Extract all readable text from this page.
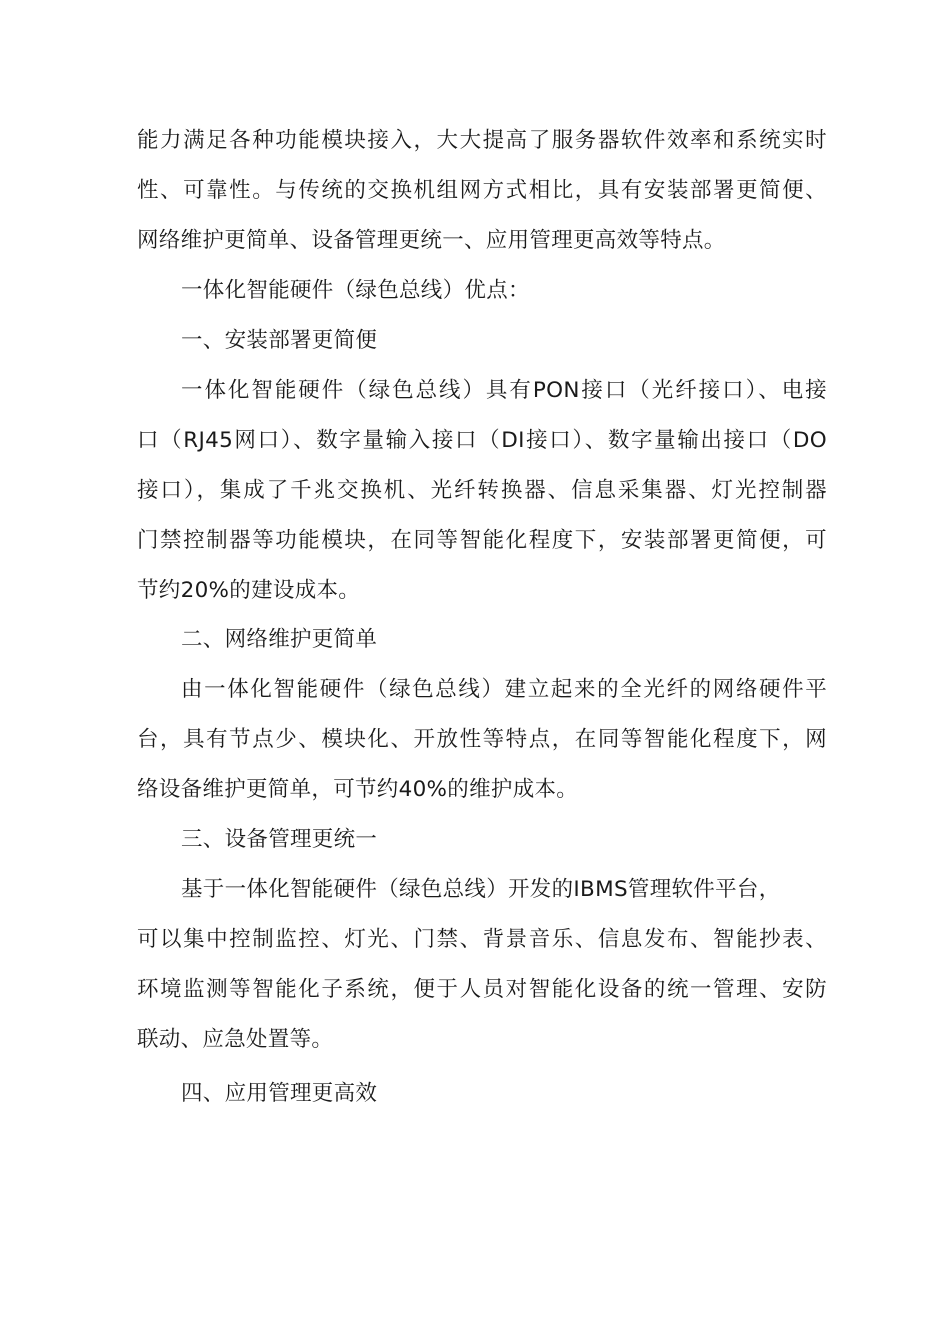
能力满足各种功能模块接入，大大提高了服务器软件效率和系统实时
性、可靠性。与传统的交换机组网方式相比，具有安装部署更简便、
网络维护更简单、设备管理更统一、应用管理更高效等特点。
一体化智能硬件（绿色总线）优点：
一、安装部署更简便
一体化智能硬件（绿色总线）具有PON接口（光纤接口）、电接
口（RJ45网口）、数字量输入接口（DI接口）、数字量输出接口（DO
接口），集成了千兆交换机、光纤转换器、信息采集器、灯光控制器
门禁控制器等功能模块，在同等智能化程度下，安装部署更简便，可
节约20%的建设成本。
二、网络维护更简单
由一体化智能硬件（绿色总线）建立起来的全光纤的网络硬件平
台，具有节点少、模块化、开放性等特点，在同等智能化程度下，网
络设备维护更简单，可节约40%的维护成本。
三、设备管理更统一
基于一体化智能硬件（绿色总线）开发的IBMS管理软件平台，
可以集中控制监控、灯光、门禁、背景音乐、信息发布、智能抄表、
环境监测等智能化子系统，便于人员对智能化设备的统一管理、安防
联动、应急处置等。
四、应用管理更高效
